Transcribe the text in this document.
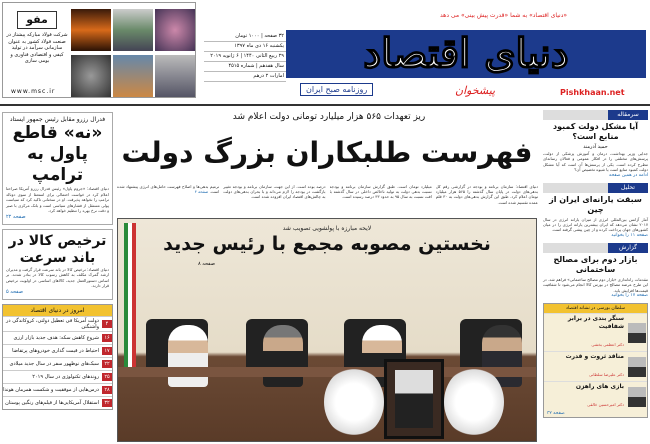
مفو
شرکت فولاد مبارکه پیشتاز در صنعت فولاد کشور به عنوان سازمانی سرآمد در تولید کیفی و اقتصادی فناوری و بومی سازی
www.msc.ir
۳۲ صفحه | ۱۰۰۰ تومان
یکشنبه ۱۶ دی ماه ۱۳۹۷
۲۹ ربیع الثانی ۱۴۴۰ | ۶ ژانویه ۲۰۱۹
سال هفدهم | شماره ۴۵۱۵
امارات ۲ درهم
«دنیای اقتصاد» به شما «قدرت پیش بینی» می دهد
دنیای اقتصاد
روزنامه صبح ایران	پیشخوان	Pishkhaan.net
ریز تعهدات ۵۶۵ هزار میلیارد تومانی دولت اعلام شد
فهرست طلبکاران بزرگ دولت

دنیای اقتصاد: سازمان برنامه و بودجه در گزارشی رقم کل بدهی‌های دولت در پایان سال گذشته را ۵۶۵ هزار میلیارد تومان اعلام کرد. طبق این گزارش بدهی‌های دولت به ۳۰ قلم عمده تقسیم شده است.

میلیارد تومان است. طبق گزارش سازمان برنامه و بودجه نسبت بدهی دولت به تولید ناخالص داخلی در سال گذشته با افت نسبت به سال ۹۵ به حدود ۴۳ درصد رسیده است.

درصد بوده است. از این جهت، سازمان برنامه و بودجه تغییر بازگشت در بودجه را لازم می‌داند و با بحران بدهی‌های دولت به چالش‌های اقتصاد ایران افزوده شده است.

ترمیم بدهی‌ها و اصلاح فهرست حامل‌های انرژی پیشنهاد شده است. صفحه ۴

لایحه مبارزه با پولشویی تصویب شد
نخستین مصوبه مجمع با رئیس جدید
صفحه ۸
فدرال رزرو مقابل رئیس جمهور ایستاد
«نه» قاطع پاول به ترامپ
دنیای اقتصاد: «جروم پاول» رئیس فدرال رزرو آمریکا صراحتا اعلام کرد در خواست احتمالی برای استعفا از سوی دونالد ترامپ را نخواهد پذیرفت. او در سخنانی تاکید کرد که سیاست پولی مستقل از فشارهای سیاسی است و بانک مرکزی با صبر و دقت نرخ بهره را تنظیم خواهد کرد.
صفحه ۲۲
ترخیص کالا در باند سرعت
دنیای اقتصاد: ترخیص کالا در باند سرعت قرار گرفت و مدیران ارشد گمرک مکلف به کاهش رسوب کالا در بنادر شدند. بر اساس دستورالعمل جدید، کالاهای اساسی در اولویت ترخیص قرار دارند.
صفحه ۵
امروز در دنیای اقتصاد
۴
دولت آمریکا فی تعطیل دولتی، کروکاندگی در واشنگتن
۱۶
شروع کاهش سکه: هدف جدید بازار ارزی
۱۷
احتیاط در قیمت گذاری خودروهای پرتقاضا
۲۲
سبک‌های نوظهور سفر در سال جدید میلادی
۲۵
روندهای تکنولوژی در سال ۲۰۱۹
۲۸
درس‌هایی از موفقیت و شکست همرمان هوندا
۳۲
استقلال آمریکایی‌ها از فیلم‌های رنگین پوستان
سرمقاله
آیا مشکل دولت کمبود منابع است؟
حمید آذرمند
جدایی وزیر بهداشت، درمان و آموزش پزشکی از دولت، پرسش‌های مختلفی را در افکار عمومی و فعالان رسانه‌ای مطرح کرده است. یکی از پرسش‌ها آن است که آیا مشکل دولت کمبود منابع است یا شیوه تخصیص آن؟
ادامه در همین صفحه
تحلیل
سبقت یارانه‌ای ایران از چین
آمار آژانس بین‌المللی انرژی از میزان یارانه انرژی در سال ۲۰۱۷ نشان می‌دهد که ایران بیشترین یارانه انرژی را در میان کشورهای جهان پرداخت کرده و از چین پیشی گرفته است.
صفحه ۱۱ را بخوانید
گزارش
بازار دوم برای مصالح ساختمانی
مقدمات راه‌اندازی «بازار دوم مصالح ساختمانی» فراهم شد. در این طرح عرضه مصالح در بورس کالا انجام می‌شود تا شفافیت قیمت‌ها افزایش یابد.
صفحه ۱۷ را بخوانید
سلطان بورسی در نشانه اقتصاد
سنگر بندی در برابر شفافیت
دکتر اعظمی بخشی
مناقد ثروت و قدرت
دکتر علیرضا سلطانی
بازی های راهزن
دکتر امیرحسین خالقی
صفحه ۳۲
